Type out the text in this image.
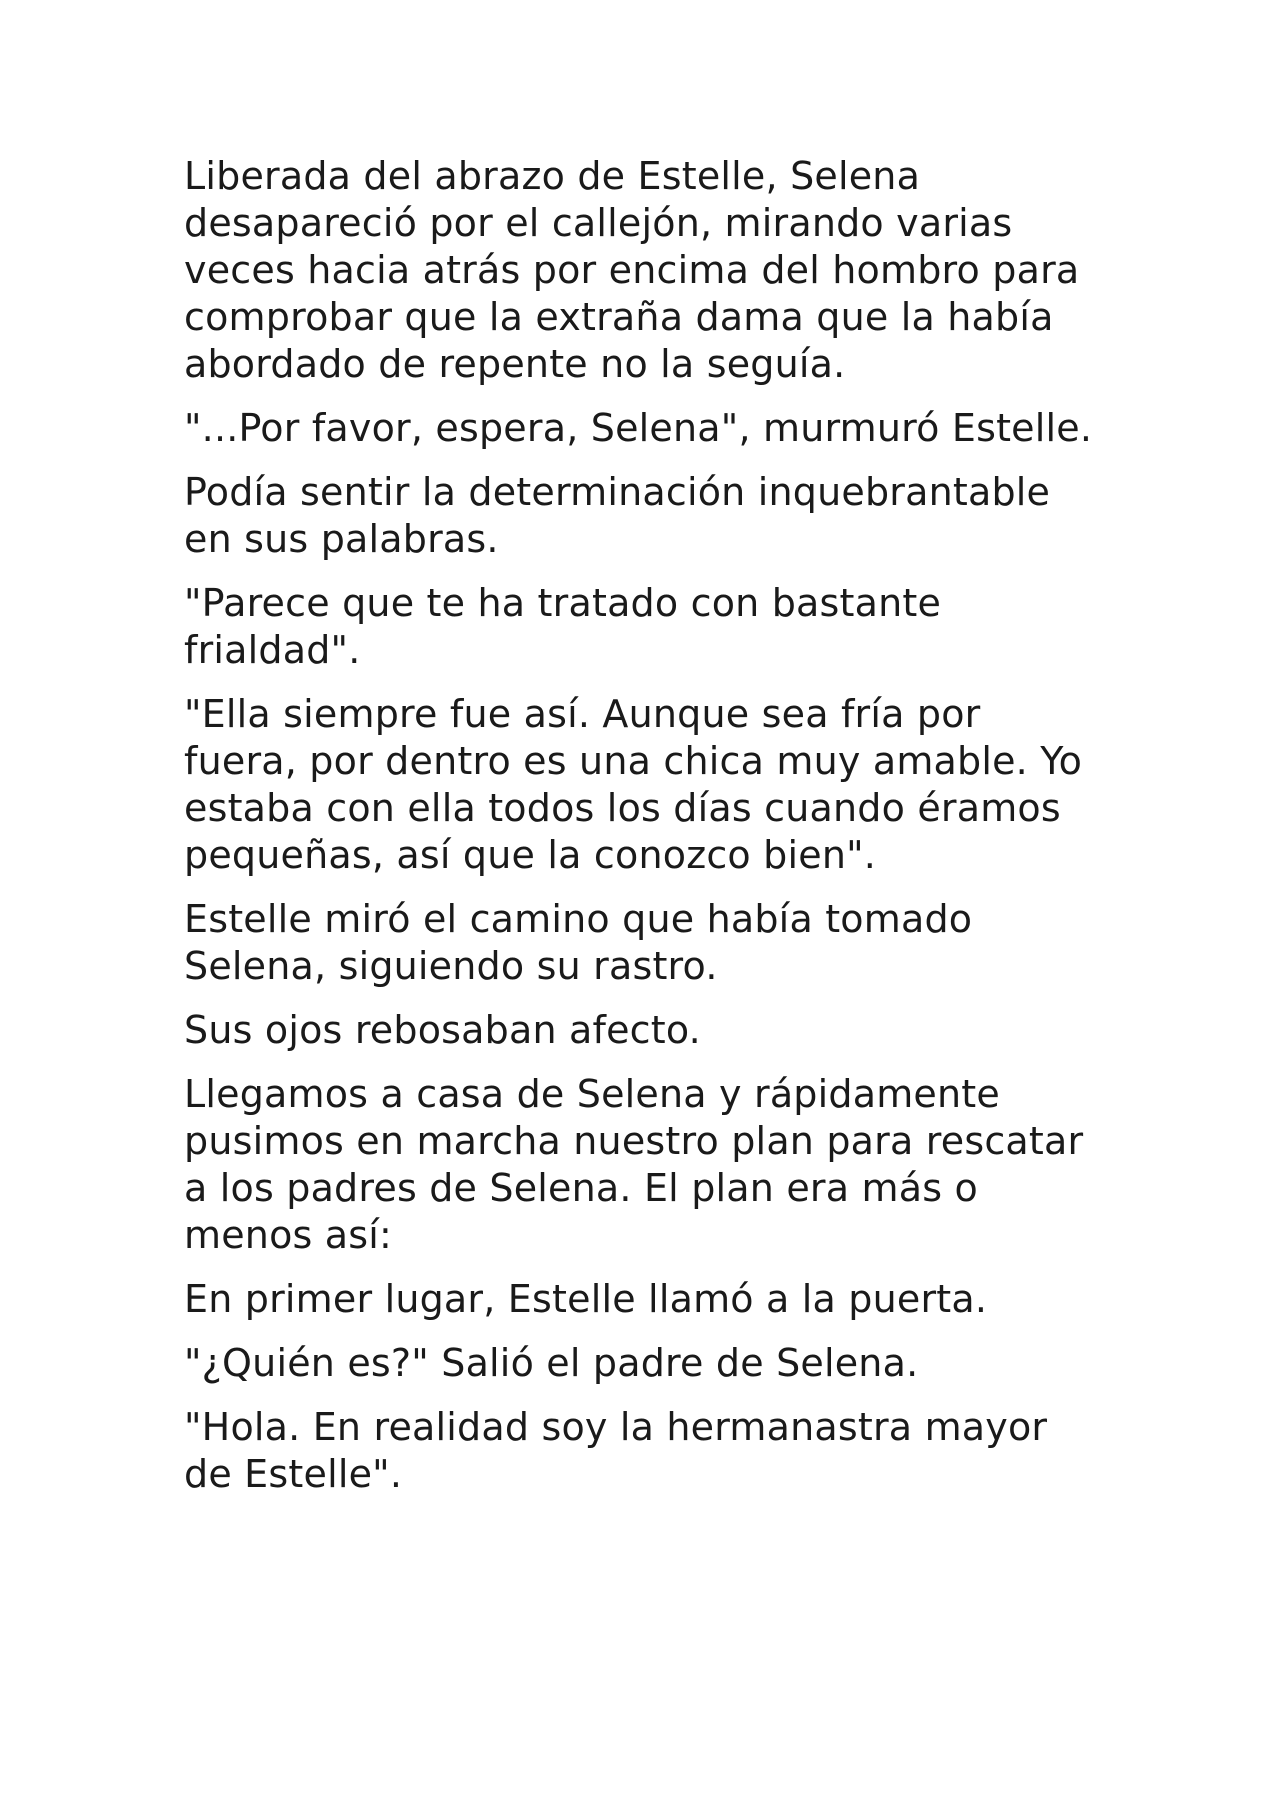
Liberada del abrazo de Estelle, Selena desapareció por el callejón, mirando varias veces hacia atrás por encima del hombro para comprobar que la extraña dama que la había abordado de repente no la seguía.

"...Por favor, espera, Selena", murmuró Estelle.

Podía sentir la determinación inquebrantable en sus palabras.

"Parece que te ha tratado con bastante frialdad".

"Ella siempre fue así. Aunque sea fría por fuera, por dentro es una chica muy amable. Yo estaba con ella todos los días cuando éramos pequeñas, así que la conozco bien".

Estelle miró el camino que había tomado Selena, siguiendo su rastro.

Sus ojos rebosaban afecto.

Llegamos a casa de Selena y rápidamente pusimos en marcha nuestro plan para rescatar a los padres de Selena. El plan era más o menos así:

En primer lugar, Estelle llamó a la puerta.

"¿Quién es?" Salió el padre de Selena.

"Hola. En realidad soy la hermanastra mayor de Estelle".
